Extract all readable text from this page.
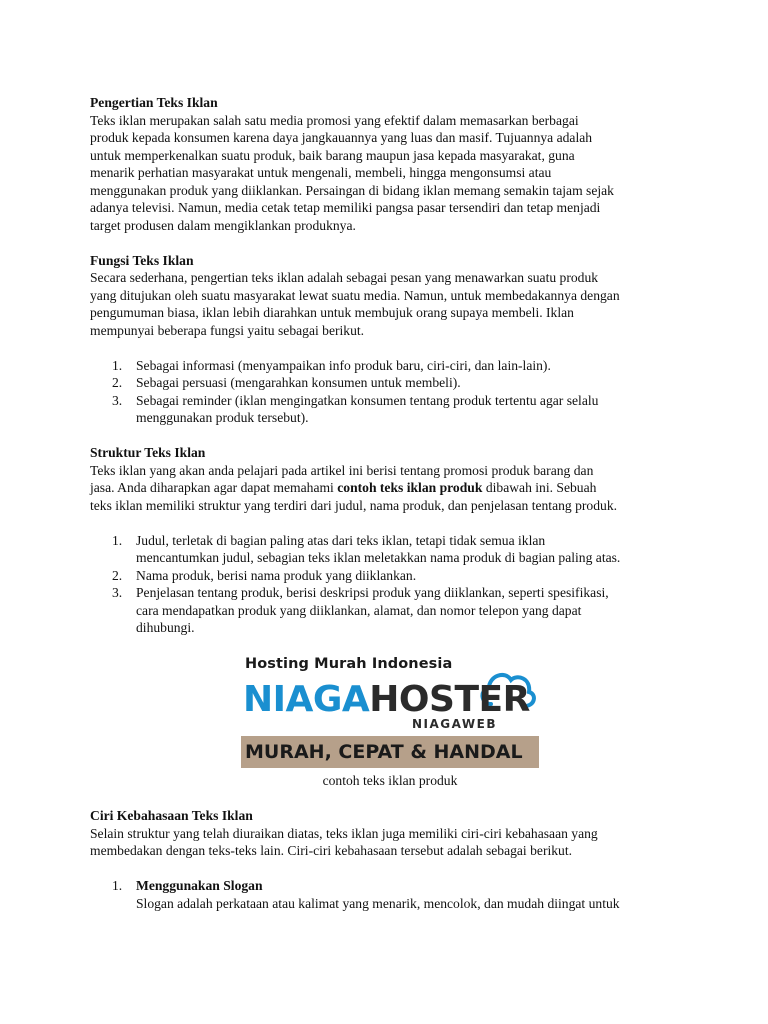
Pengertian Teks Iklan

Teks iklan merupakan salah satu media promosi yang efektif dalam memasarkan berbagai

produk kepada konsumen karena daya jangkauannya yang luas dan masif. Tujuannya adalah

untuk memperkenalkan suatu produk, baik barang maupun jasa kepada masyarakat, guna

menarik perhatian masyarakat untuk mengenali, membeli, hingga mengonsumsi atau

menggunakan produk yang diiklankan. Persaingan di bidang iklan memang semakin tajam sejak

adanya televisi. Namun, media cetak tetap memiliki pangsa pasar tersendiri dan tetap menjadi

target produsen dalam mengiklankan produknya.

Fungsi Teks Iklan

Secara sederhana, pengertian teks iklan adalah sebagai pesan yang menawarkan suatu produk

yang ditujukan oleh suatu masyarakat lewat suatu media. Namun, untuk membedakannya dengan

pengumuman biasa, iklan lebih diarahkan untuk membujuk orang supaya membeli. Iklan

mempunyai beberapa fungsi yaitu sebagai berikut.

1. Sebagai informasi (menyampaikan info produk baru, ciri-ciri, dan lain-lain).
2. Sebagai persuasi (mengarahkan konsumen untuk membeli).
3. Sebagai reminder (iklan mengingatkan konsumen tentang produk tertentu agar selalu
menggunakan produk tersebut).
Struktur Teks Iklan

Teks iklan yang akan anda pelajari pada artikel ini berisi tentang promosi produk barang dan

jasa. Anda diharapkan agar dapat memahami contoh teks iklan produk dibawah ini. Sebuah

teks iklan memiliki struktur yang terdiri dari judul, nama produk, dan penjelasan tentang produk.

1. Judul, terletak di bagian paling atas dari teks iklan, tetapi tidak semua iklan
mencantumkan judul, sebagian teks iklan meletakkan nama produk di bagian paling atas.
2. Nama produk, berisi nama produk yang diiklankan.
3. Penjelasan tentang produk, berisi deskripsi produk yang diiklankan, seperti spesifikasi,
cara mendapatkan produk yang diiklankan, alamat, dan nomor telepon yang dapat
dihubungi.
Hosting Murah Indonesia
NIAGAHOSTER
NIAGAWEB
MURAH, CEPAT & HANDAL
contoh teks iklan produk
Ciri Kebahasaan Teks Iklan

Selain struktur yang telah diuraikan diatas, teks iklan juga memiliki ciri-ciri kebahasaan yang

membedakan dengan teks-teks lain. Ciri-ciri kebahasaan tersebut adalah sebagai berikut.

1. Menggunakan Slogan
Slogan adalah perkataan atau kalimat yang menarik, mencolok, dan mudah diingat untuk
